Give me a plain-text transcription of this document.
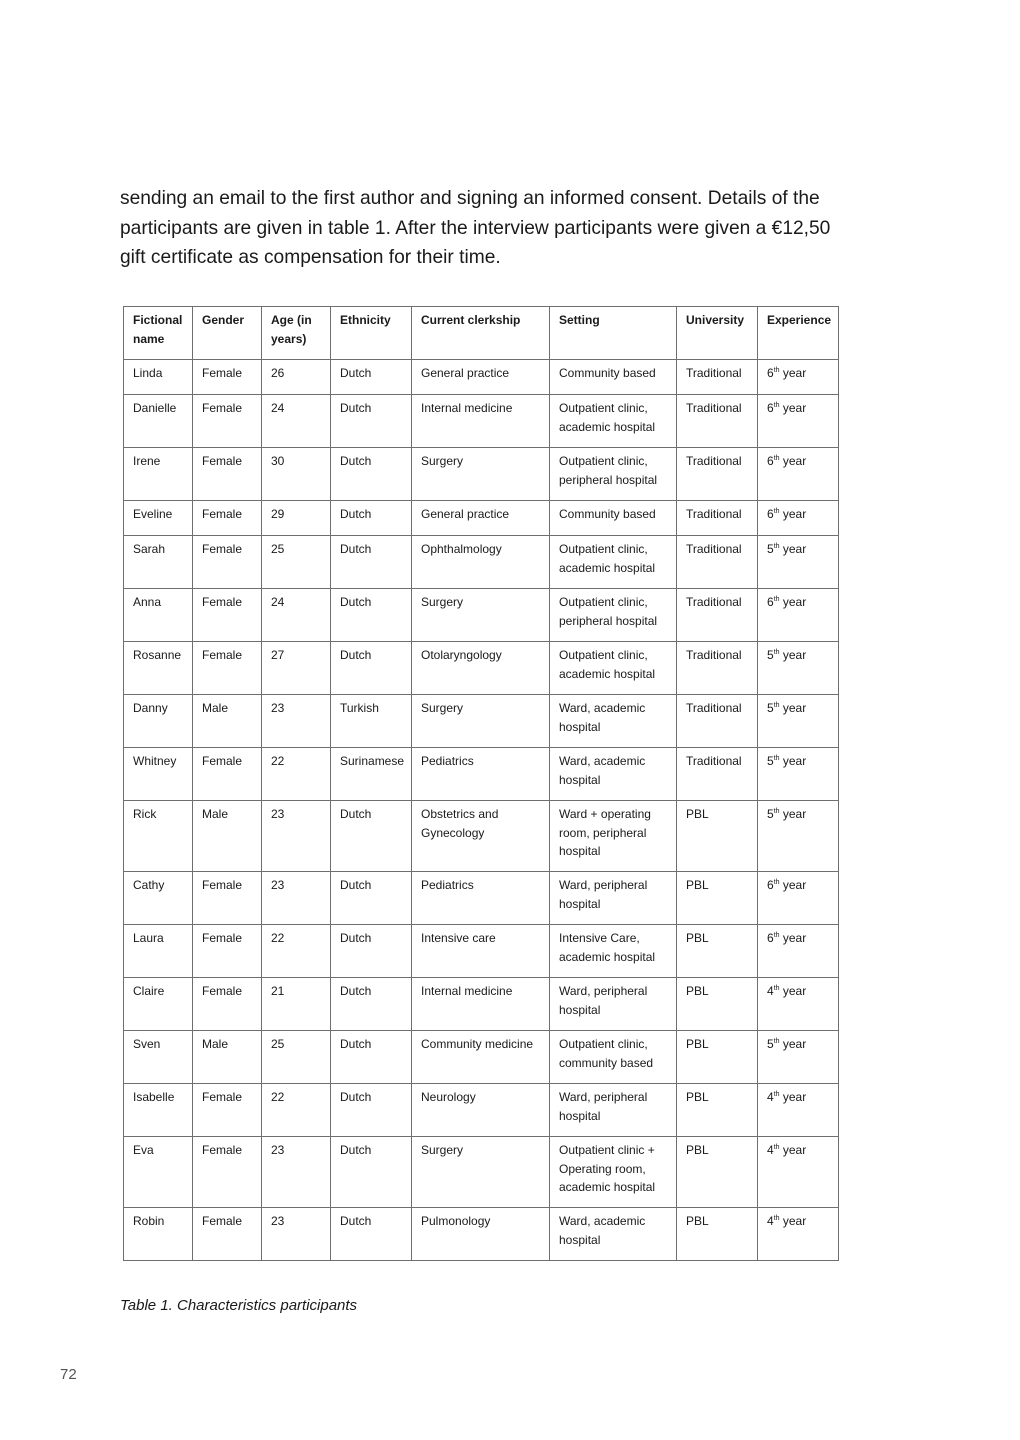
sending an email to the first author and signing an informed consent. Details of the participants are given in table 1. After the interview participants were given a €12,50 gift certificate as compensation for their time.

Fictional name	Gender	Age (in years)	Ethnicity	Current clerkship	Setting	University	Experience
Linda	Female	26	Dutch	General practice	Community based	Traditional	6th year
Danielle	Female	24	Dutch	Internal medicine	Outpatient clinic,
academic hospital	Traditional	6th year
Irene	Female	30	Dutch	Surgery	Outpatient clinic,
peripheral hospital	Traditional	6th year
Eveline	Female	29	Dutch	General practice	Community based	Traditional	6th year
Sarah	Female	25	Dutch	Ophthalmology	Outpatient clinic,
academic hospital	Traditional	5th year
Anna	Female	24	Dutch	Surgery	Outpatient clinic,
peripheral hospital	Traditional	6th year
Rosanne	Female	27	Dutch	Otolaryngology	Outpatient clinic,
academic hospital	Traditional	5th year
Danny	Male	23	Turkish	Surgery	Ward, academic
hospital	Traditional	5th year
Whitney	Female	22	Surinamese	Pediatrics	Ward, academic
hospital	Traditional	5th year
Rick	Male	23	Dutch	Obstetrics and Gynecology	Ward + operating
room, peripheral
hospital	PBL	5th year
Cathy	Female	23	Dutch	Pediatrics	Ward, peripheral
hospital	PBL	6th year
Laura	Female	22	Dutch	Intensive care	Intensive Care,
academic hospital	PBL	6th year
Claire	Female	21	Dutch	Internal medicine	Ward, peripheral
hospital	PBL	4th year
Sven	Male	25	Dutch	Community medicine	Outpatient clinic,
community based	PBL	5th year
Isabelle	Female	22	Dutch	Neurology	Ward, peripheral
hospital	PBL	4th year
Eva	Female	23	Dutch	Surgery	Outpatient clinic +
Operating room,
academic hospital	PBL	4th year
Robin	Female	23	Dutch	Pulmonology	Ward, academic
hospital	PBL	4th year

Table 1. Characteristics participants

72
